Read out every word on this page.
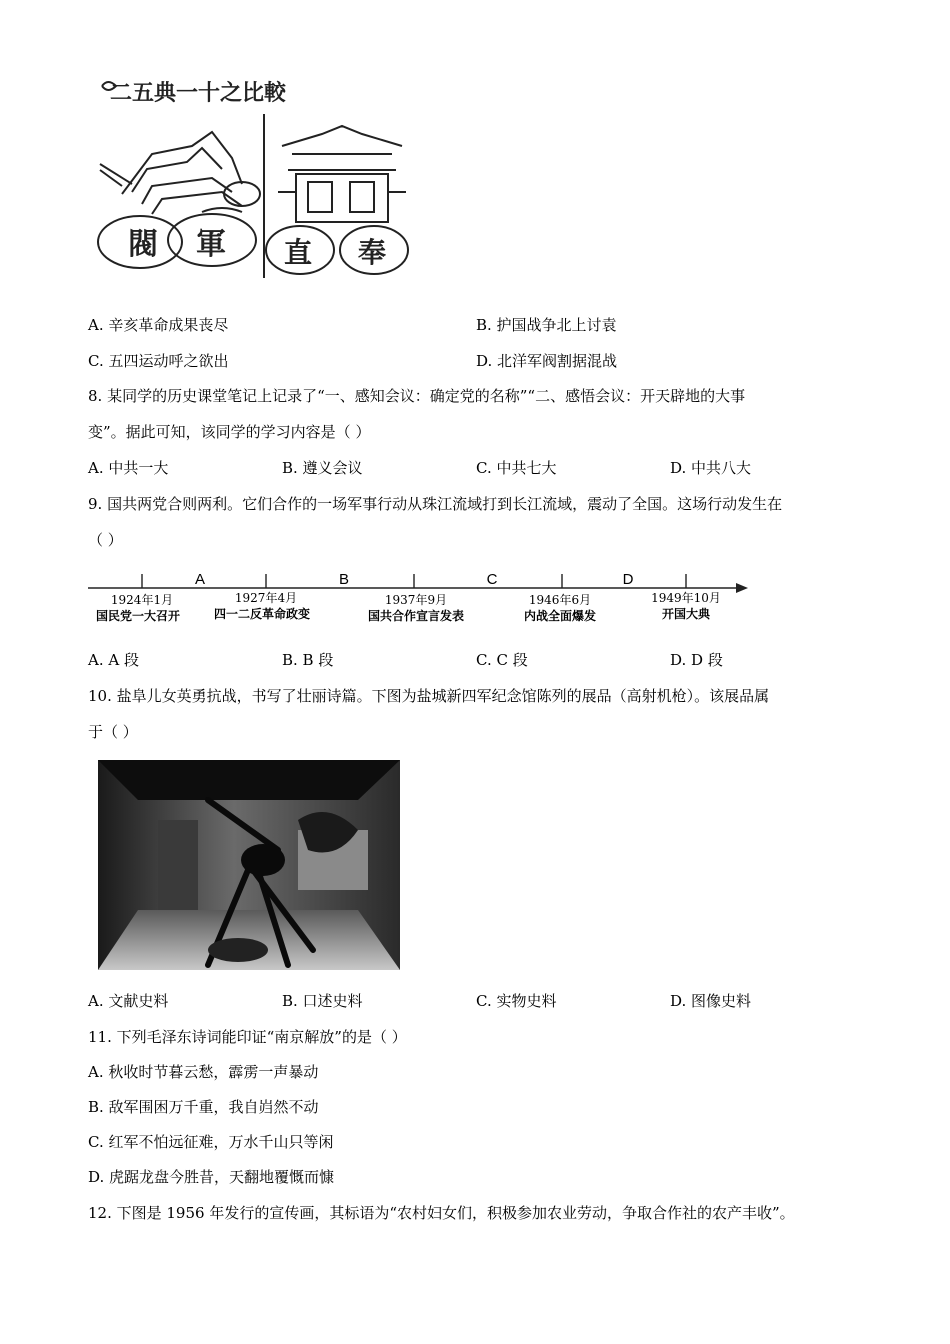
二五典一十之比較
閥 軍 直 奉
A. 辛亥革命成果丧尽	B. 护国战争北上讨袁
C. 五四运动呼之欲出	D. 北洋军阀割据混战
8. 某同学的历史课堂笔记上记录了“一、感知会议：确定党的名称”“二、感悟会议：开天辟地的大事
变”。据此可知，该同学的学习内容是（ ）
A. 中共一大	B. 遵义会议	C. 中共七大	D. 中共八大
9. 国共两党合则两利。它们合作的一场军事行动从珠江流域打到长江流域，震动了全国。这场行动发生在
（ ）
A	B	C	D
1924年1月
国民党一大召开
1927年4月
四一二反革命政变
1937年9月
国共合作宣言发表
1946年6月
内战全面爆发
1949年10月
开国大典
A. A 段	B. B 段	C. C 段	D. D 段
10. 盐阜儿女英勇抗战，书写了壮丽诗篇。下图为盐城新四军纪念馆陈列的展品（高射机枪）。该展品属
于（ ）
A. 文献史料	B. 口述史料	C. 实物史料	D. 图像史料
11. 下列毛泽东诗词能印证“南京解放”的是（ ）
A. 秋收时节暮云愁，霹雳一声暴动
B. 敌军围困万千重，我自岿然不动
C. 红军不怕远征难，万水千山只等闲
D. 虎踞龙盘今胜昔，天翻地覆慨而慷
12. 下图是 1956 年发行的宣传画，其标语为“农村妇女们，积极参加农业劳动，争取合作社的农产丰收”。
